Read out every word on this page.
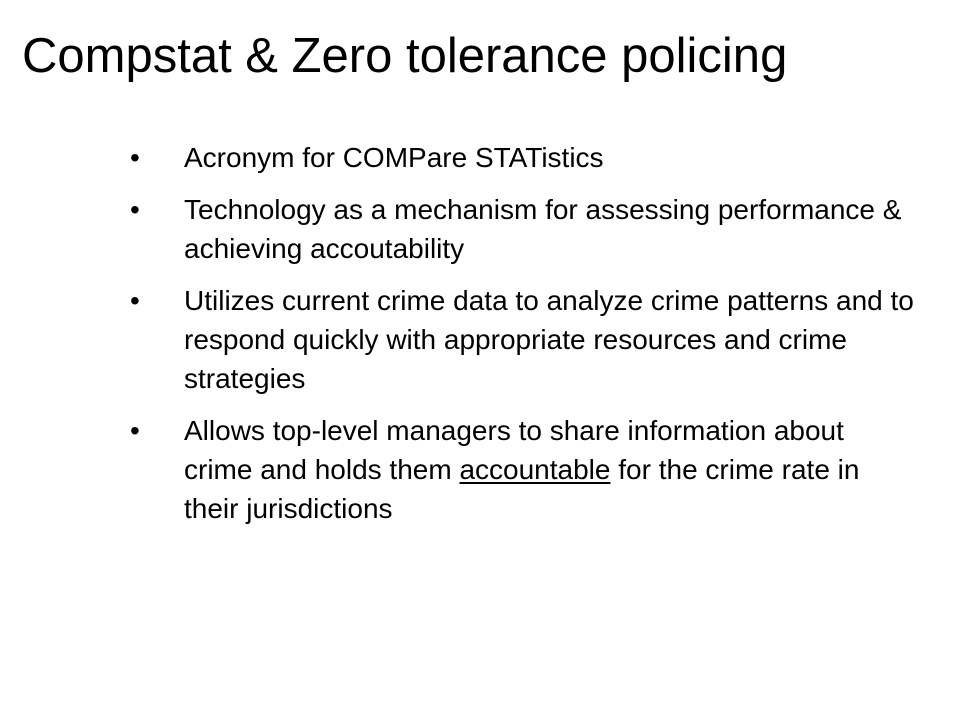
Compstat & Zero tolerance policing
• Acronym for COMPare STATistics
• Technology as a mechanism for assessing performance & achieving accoutability
• Utilizes current crime data to analyze crime patterns and to respond quickly with appropriate resources and crime strategies
• Allows top-level managers to share information about crime and holds them accountable for the crime rate in their jurisdictions
